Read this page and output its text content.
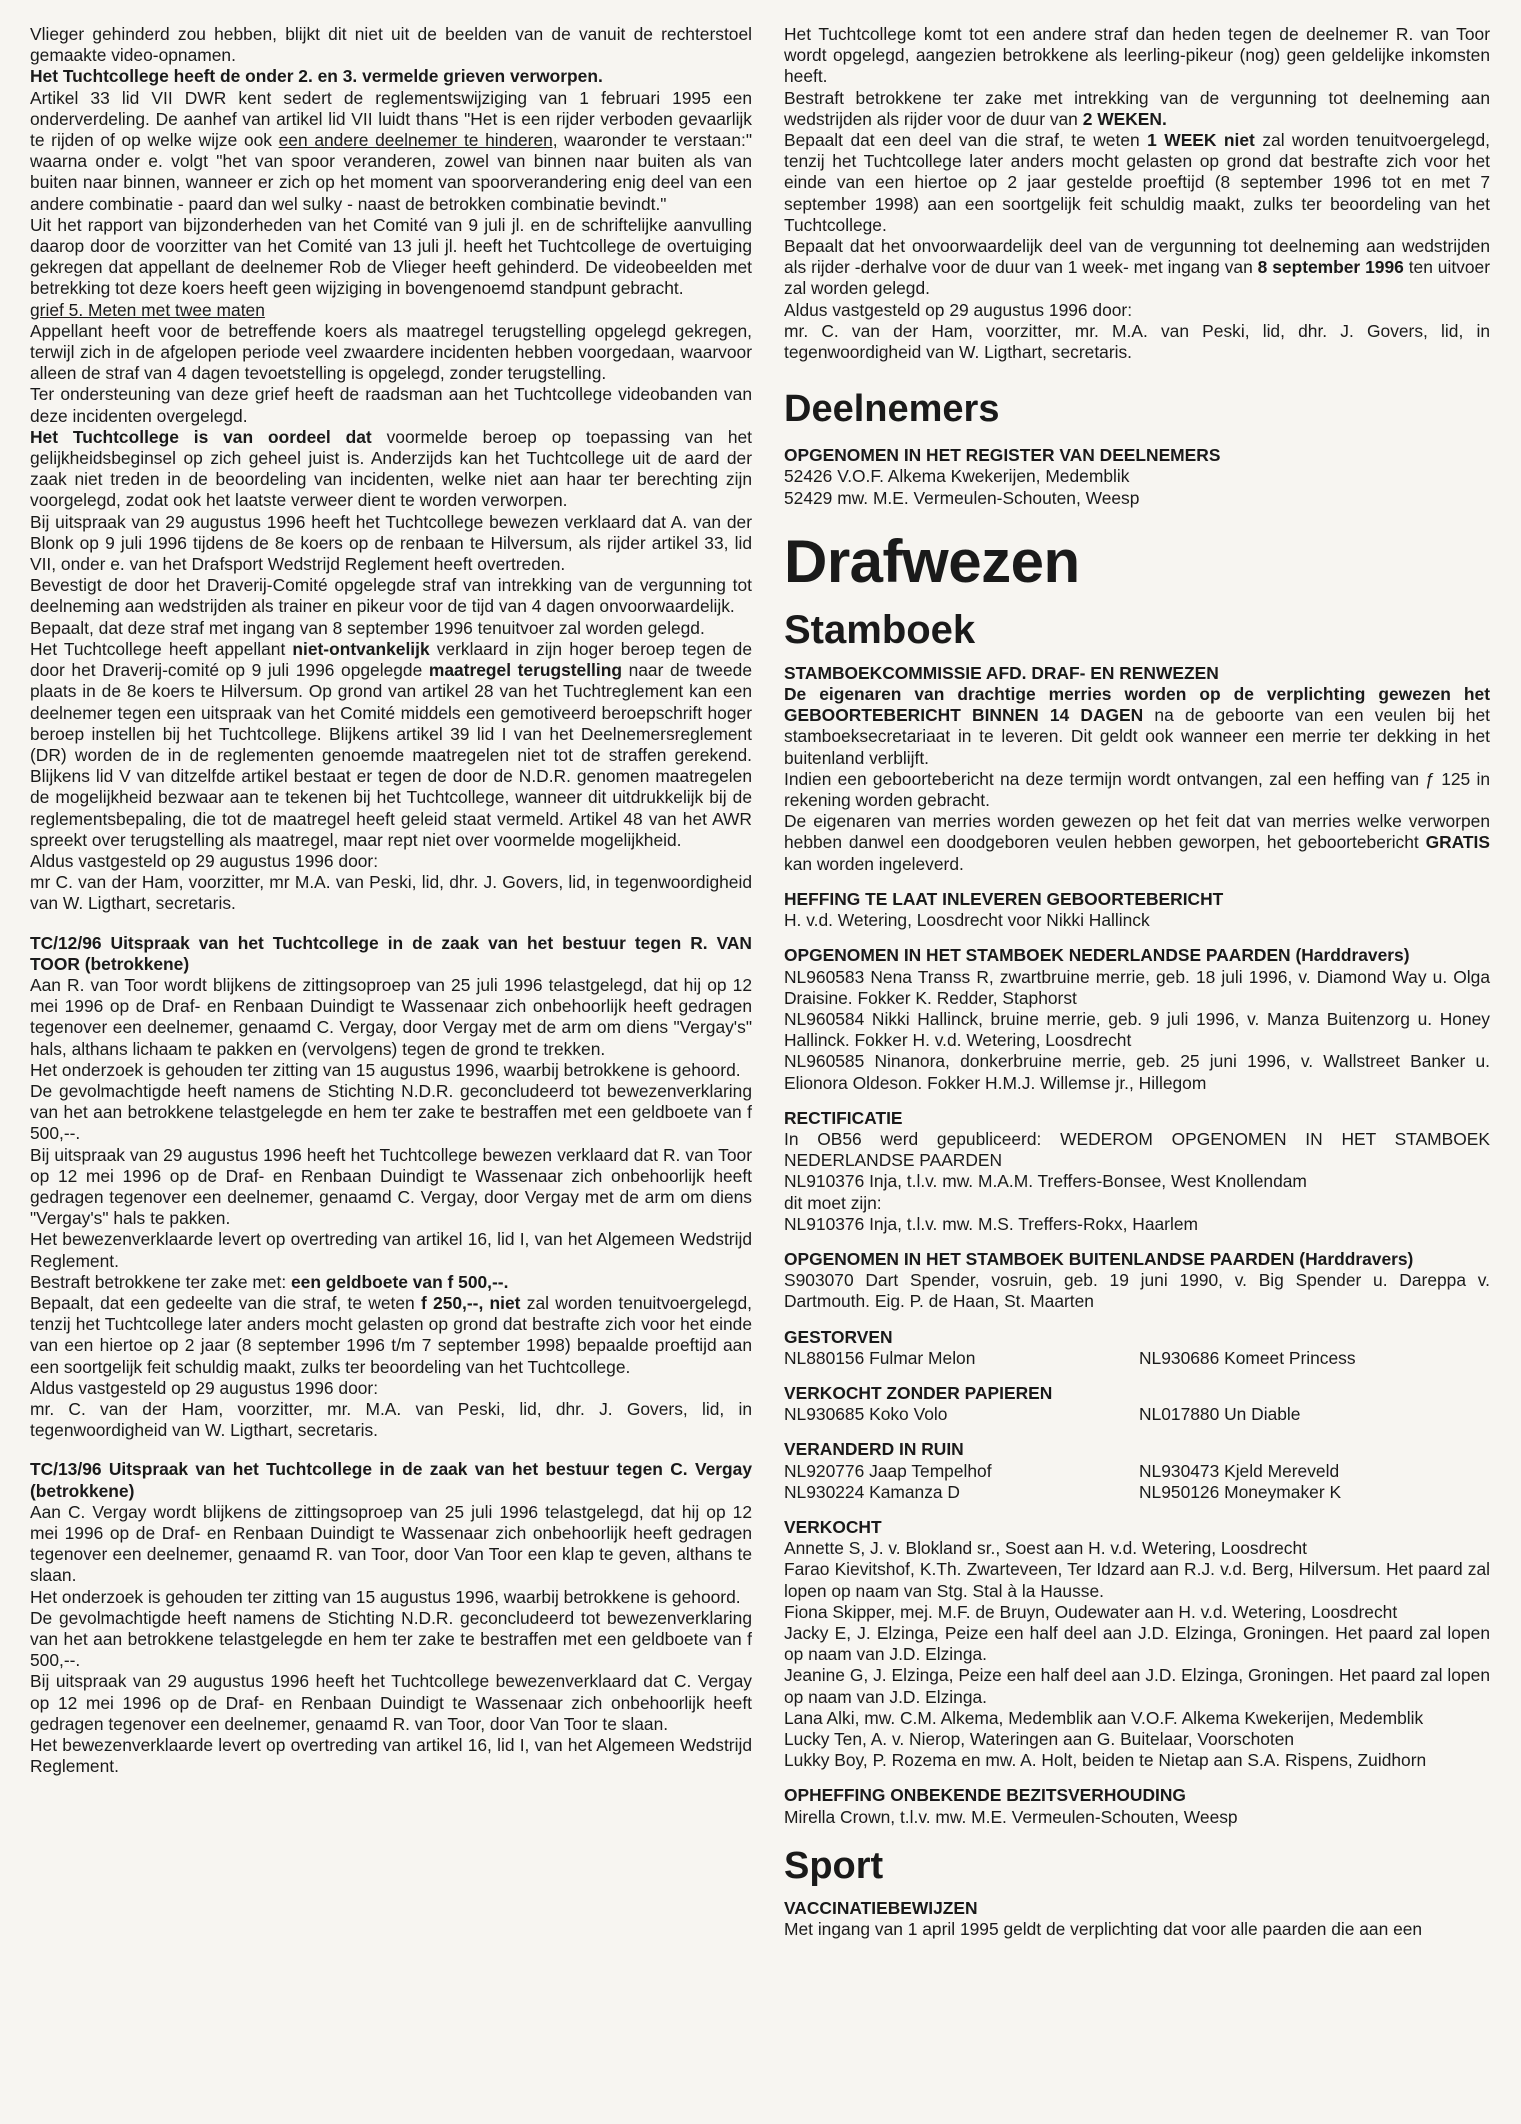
Vlieger gehinderd zou hebben, blijkt dit niet uit de beelden van de vanuit de rechterstoel gemaakte video-opnamen.

Het Tuchtcollege heeft de onder 2. en 3. vermelde grieven verworpen.

Artikel 33 lid VII DWR kent sedert de reglementswijziging van 1 februari 1995 een onderverdeling. De aanhef van artikel lid VII luidt thans "Het is een rijder verboden gevaarlijk te rijden of op welke wijze ook een andere deelnemer te hinderen, waaronder te verstaan:" waarna onder e. volgt "het van spoor veranderen, zowel van binnen naar buiten als van buiten naar binnen, wanneer er zich op het moment van spoorverandering enig deel van een andere combinatie - paard dan wel sulky - naast de betrokken combinatie bevindt."

Uit het rapport van bijzonderheden van het Comité van 9 juli jl. en de schriftelijke aanvulling daarop door de voorzitter van het Comité van 13 juli jl. heeft het Tuchtcollege de overtuiging gekregen dat appellant de deelnemer Rob de Vlieger heeft gehinderd. De videobeelden met betrekking tot deze koers heeft geen wijziging in bovengenoemd standpunt gebracht.

grief 5. Meten met twee maten

Appellant heeft voor de betreffende koers als maatregel terugstelling opgelegd gekregen, terwijl zich in de afgelopen periode veel zwaardere incidenten hebben voorgedaan, waarvoor alleen de straf van 4 dagen tevoetstelling is opgelegd, zonder terugstelling.

Ter ondersteuning van deze grief heeft de raadsman aan het Tuchtcollege videobanden van deze incidenten overgelegd.

Het Tuchtcollege is van oordeel dat voormelde beroep op toepassing van het gelijkheidsbeginsel op zich geheel juist is. Anderzijds kan het Tuchtcollege uit de aard der zaak niet treden in de beoordeling van incidenten, welke niet aan haar ter berechting zijn voorgelegd, zodat ook het laatste verweer dient te worden verworpen.

Bij uitspraak van 29 augustus 1996 heeft het Tuchtcollege bewezen verklaard dat A. van der Blonk op 9 juli 1996 tijdens de 8e koers op de renbaan te Hilversum, als rijder artikel 33, lid VII, onder e. van het Drafsport Wedstrijd Reglement heeft overtreden.

Bevestigt de door het Draverij-Comité opgelegde straf van intrekking van de vergunning tot deelneming aan wedstrijden als trainer en pikeur voor de tijd van 4 dagen onvoorwaardelijk.

Bepaalt, dat deze straf met ingang van 8 september 1996 tenuitvoer zal worden gelegd.

Het Tuchtcollege heeft appellant niet-ontvankelijk verklaard in zijn hoger beroep tegen de door het Draverij-comité op 9 juli 1996 opgelegde maatregel terugstelling naar de tweede plaats in de 8e koers te Hilversum. Op grond van artikel 28 van het Tuchtreglement kan een deelnemer tegen een uitspraak van het Comité middels een gemotiveerd beroepschrift hoger beroep instellen bij het Tuchtcollege. Blijkens artikel 39 lid I van het Deelnemersreglement (DR) worden de in de reglementen genoemde maatregelen niet tot de straffen gerekend. Blijkens lid V van ditzelfde artikel bestaat er tegen de door de N.D.R. genomen maatregelen de mogelijkheid bezwaar aan te tekenen bij het Tuchtcollege, wanneer dit uitdrukkelijk bij de reglementsbepaling, die tot de maatregel heeft geleid staat vermeld. Artikel 48 van het AWR spreekt over terugstelling als maatregel, maar rept niet over voormelde mogelijkheid.

Aldus vastgesteld op 29 augustus 1996 door:

mr C. van der Ham, voorzitter, mr M.A. van Peski, lid, dhr. J. Govers, lid, in tegenwoordigheid van W. Ligthart, secretaris.

TC/12/96 Uitspraak van het Tuchtcollege in de zaak van het bestuur tegen R. VAN TOOR (betrokkene)

Aan R. van Toor wordt blijkens de zittingsoproep van 25 juli 1996 telastgelegd, dat hij op 12 mei 1996 op de Draf- en Renbaan Duindigt te Wassenaar zich onbehoorlijk heeft gedragen tegenover een deelnemer, genaamd C. Vergay, door Vergay met de arm om diens "Vergay's" hals, althans lichaam te pakken en (vervolgens) tegen de grond te trekken.

Het onderzoek is gehouden ter zitting van 15 augustus 1996, waarbij betrokkene is gehoord.

De gevolmachtigde heeft namens de Stichting N.D.R. geconcludeerd tot bewezenverklaring van het aan betrokkene telastgelegde en hem ter zake te bestraffen met een geldboete van f 500,--.

Bij uitspraak van 29 augustus 1996 heeft het Tuchtcollege bewezen verklaard dat R. van Toor op 12 mei 1996 op de Draf- en Renbaan Duindigt te Wassenaar zich onbehoorlijk heeft gedragen tegenover een deelnemer, genaamd C. Vergay, door Vergay met de arm om diens "Vergay's" hals te pakken.

Het bewezenverklaarde levert op overtreding van artikel 16, lid I, van het Algemeen Wedstrijd Reglement.

Bestraft betrokkene ter zake met: een geldboete van f 500,--.

Bepaalt, dat een gedeelte van die straf, te weten f 250,--, niet zal worden tenuitvoergelegd, tenzij het Tuchtcollege later anders mocht gelasten op grond dat bestrafte zich voor het einde van een hiertoe op 2 jaar (8 september 1996 t/m 7 september 1998) bepaalde proeftijd aan een soortgelijk feit schuldig maakt, zulks ter beoordeling van het Tuchtcollege.

Aldus vastgesteld op 29 augustus 1996 door:

mr. C. van der Ham, voorzitter, mr. M.A. van Peski, lid, dhr. J. Govers, lid, in tegenwoordigheid van W. Ligthart, secretaris.

TC/13/96 Uitspraak van het Tuchtcollege in de zaak van het bestuur tegen C. Vergay (betrokkene)

Aan C. Vergay wordt blijkens de zittingsoproep van 25 juli 1996 telastgelegd, dat hij op 12 mei 1996 op de Draf- en Renbaan Duindigt te Wassenaar zich onbehoorlijk heeft gedragen tegenover een deelnemer, genaamd R. van Toor, door Van Toor een klap te geven, althans te slaan.

Het onderzoek is gehouden ter zitting van 15 augustus 1996, waarbij betrokkene is gehoord.

De gevolmachtigde heeft namens de Stichting N.D.R. geconcludeerd tot bewezenverklaring van het aan betrokkene telastgelegde en hem ter zake te bestraffen met een geldboete van f 500,--.

Bij uitspraak van 29 augustus 1996 heeft het Tuchtcollege bewezenverklaard dat C. Vergay op 12 mei 1996 op de Draf- en Renbaan Duindigt te Wassenaar zich onbehoorlijk heeft gedragen tegenover een deelnemer, genaamd R. van Toor, door Van Toor te slaan.

Het bewezenverklaarde levert op overtreding van artikel 16, lid I, van het Algemeen Wedstrijd Reglement.

Het Tuchtcollege komt tot een andere straf dan heden tegen de deelnemer R. van Toor wordt opgelegd, aangezien betrokkene als leerling-pikeur (nog) geen geldelijke inkomsten heeft.

Bestraft betrokkene ter zake met intrekking van de vergunning tot deelneming aan wedstrijden als rijder voor de duur van 2 WEKEN.

Bepaalt dat een deel van die straf, te weten 1 WEEK niet zal worden tenuitvoergelegd, tenzij het Tuchtcollege later anders mocht gelasten op grond dat bestrafte zich voor het einde van een hiertoe op 2 jaar gestelde proeftijd (8 september 1996 tot en met 7 september 1998) aan een soortgelijk feit schuldig maakt, zulks ter beoordeling van het Tuchtcollege.

Bepaalt dat het onvoorwaardelijk deel van de vergunning tot deelneming aan wedstrijden als rijder -derhalve voor de duur van 1 week- met ingang van 8 september 1996 ten uitvoer zal worden gelegd.

Aldus vastgesteld op 29 augustus 1996 door:

mr. C. van der Ham, voorzitter, mr. M.A. van Peski, lid, dhr. J. Govers, lid, in tegenwoordigheid van W. Ligthart, secretaris.

Deelnemers

OPGENOMEN IN HET REGISTER VAN DEELNEMERS

52426 V.O.F. Alkema Kwekerijen, Medemblik

52429 mw. M.E. Vermeulen-Schouten, Weesp

Drafwezen
Stamboek

STAMBOEKCOMMISSIE AFD. DRAF- EN RENWEZEN

De eigenaren van drachtige merries worden op de verplichting gewezen het GEBOORTEBERICHT BINNEN 14 DAGEN na de geboorte van een veulen bij het stamboeksecretariaat in te leveren. Dit geldt ook wanneer een merrie ter dekking in het buitenland verblijft.

Indien een geboortebericht na deze termijn wordt ontvangen, zal een heffing van ƒ 125 in rekening worden gebracht.

De eigenaren van merries worden gewezen op het feit dat van merries welke verworpen hebben danwel een doodgeboren veulen hebben geworpen, het geboortebericht GRATIS kan worden ingeleverd.

HEFFING TE LAAT INLEVEREN GEBOORTEBERICHT

H. v.d. Wetering, Loosdrecht voor Nikki Hallinck

OPGENOMEN IN HET STAMBOEK NEDERLANDSE PAARDEN (Harddravers)

NL960583 Nena Transs R, zwartbruine merrie, geb. 18 juli 1996, v. Diamond Way u. Olga Draisine. Fokker K. Redder, Staphorst

NL960584 Nikki Hallinck, bruine merrie, geb. 9 juli 1996, v. Manza Buitenzorg u. Honey Hallinck. Fokker H. v.d. Wetering, Loosdrecht

NL960585 Ninanora, donkerbruine merrie, geb. 25 juni 1996, v. Wallstreet Banker u. Elionora Oldeson. Fokker H.M.J. Willemse jr., Hillegom

RECTIFICATIE

In OB56 werd gepubliceerd: WEDEROM OPGENOMEN IN HET STAMBOEK NEDERLANDSE PAARDEN

NL910376 Inja, t.l.v. mw. M.A.M. Treffers-Bonsee, West Knollendam

dit moet zijn:

NL910376 Inja, t.l.v. mw. M.S. Treffers-Rokx, Haarlem

OPGENOMEN IN HET STAMBOEK BUITENLANDSE PAARDEN (Harddravers)

S903070 Dart Spender, vosruin, geb. 19 juni 1990, v. Big Spender u. Dareppa v. Dartmouth. Eig. P. de Haan, St. Maarten

GESTORVEN

NL880156 Fulmar Melon	NL930686 Komeet Princess

VERKOCHT ZONDER PAPIEREN

NL930685 Koko Volo	NL017880 Un Diable

VERANDERD IN RUIN

NL920776 Jaap Tempelhof	NL930473 Kjeld Mereveld
NL930224 Kamanza D	NL950126 Moneymaker K

VERKOCHT

Annette S, J. v. Blokland sr., Soest aan H. v.d. Wetering, Loosdrecht

Farao Kievitshof, K.Th. Zwarteveen, Ter Idzard aan R.J. v.d. Berg, Hilversum. Het paard zal lopen op naam van Stg. Stal à la Hausse.

Fiona Skipper, mej. M.F. de Bruyn, Oudewater aan H. v.d. Wetering, Loosdrecht

Jacky E, J. Elzinga, Peize een half deel aan J.D. Elzinga, Groningen. Het paard zal lopen op naam van J.D. Elzinga.

Jeanine G, J. Elzinga, Peize een half deel aan J.D. Elzinga, Groningen. Het paard zal lopen op naam van J.D. Elzinga.

Lana Alki, mw. C.M. Alkema, Medemblik aan V.O.F. Alkema Kwekerijen, Medemblik

Lucky Ten, A. v. Nierop, Wateringen aan G. Buitelaar, Voorschoten

Lukky Boy, P. Rozema en mw. A. Holt, beiden te Nietap aan S.A. Rispens, Zuidhorn

OPHEFFING ONBEKENDE BEZITSVERHOUDING

Mirella Crown, t.l.v. mw. M.E. Vermeulen-Schouten, Weesp

Sport

VACCINATIEBEWIJZEN

Met ingang van 1 april 1995 geldt de verplichting dat voor alle paarden die aan een
